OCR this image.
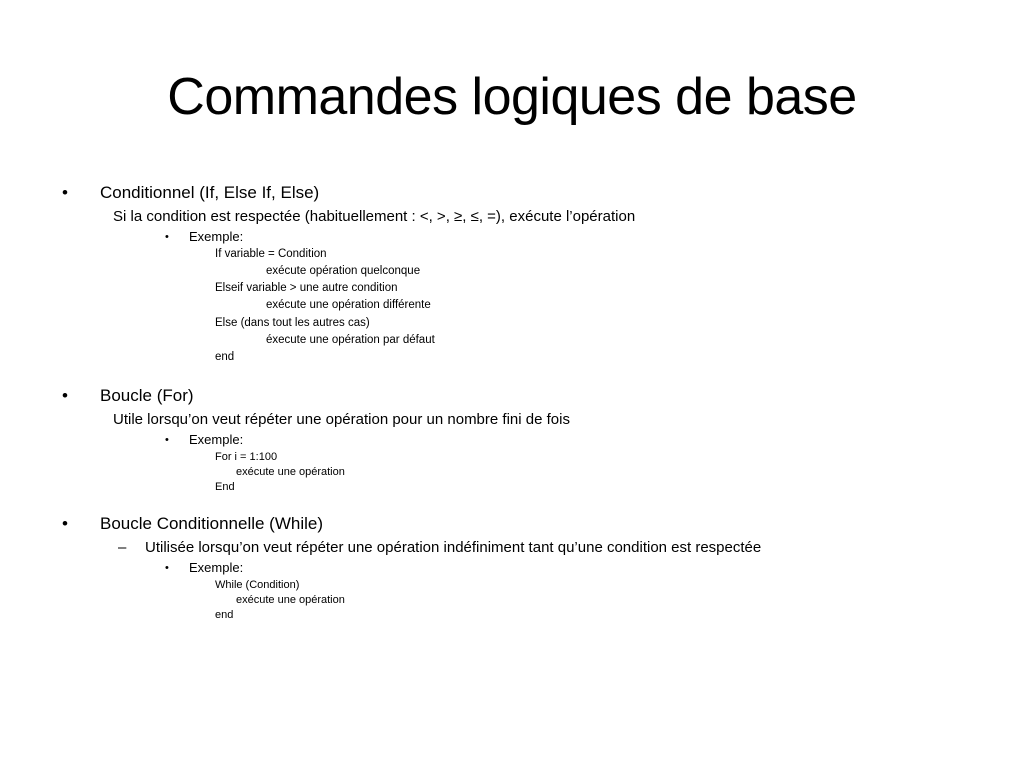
Commandes logiques de base
• Conditionnel (If, Else If, Else)
Si la condition est respectée (habituellement : <, >, ≥, ≤, =), exécute l’opération
• Exemple:
If variable = Condition
exécute opération quelconque
Elseif variable > une autre condition
exécute une opération différente
Else (dans tout les autres cas)
éxecute une opération par défaut
end
• Boucle (For)
Utile lorsqu’on veut répéter une opération pour un nombre fini de fois
• Exemple:
For i = 1:100
exécute une opération
End
• Boucle Conditionnelle (While)
– Utilisée lorsqu’on veut répéter une opération indéfiniment tant qu’une condition est respectée
• Exemple:
While (Condition)
exécute une opération
end
